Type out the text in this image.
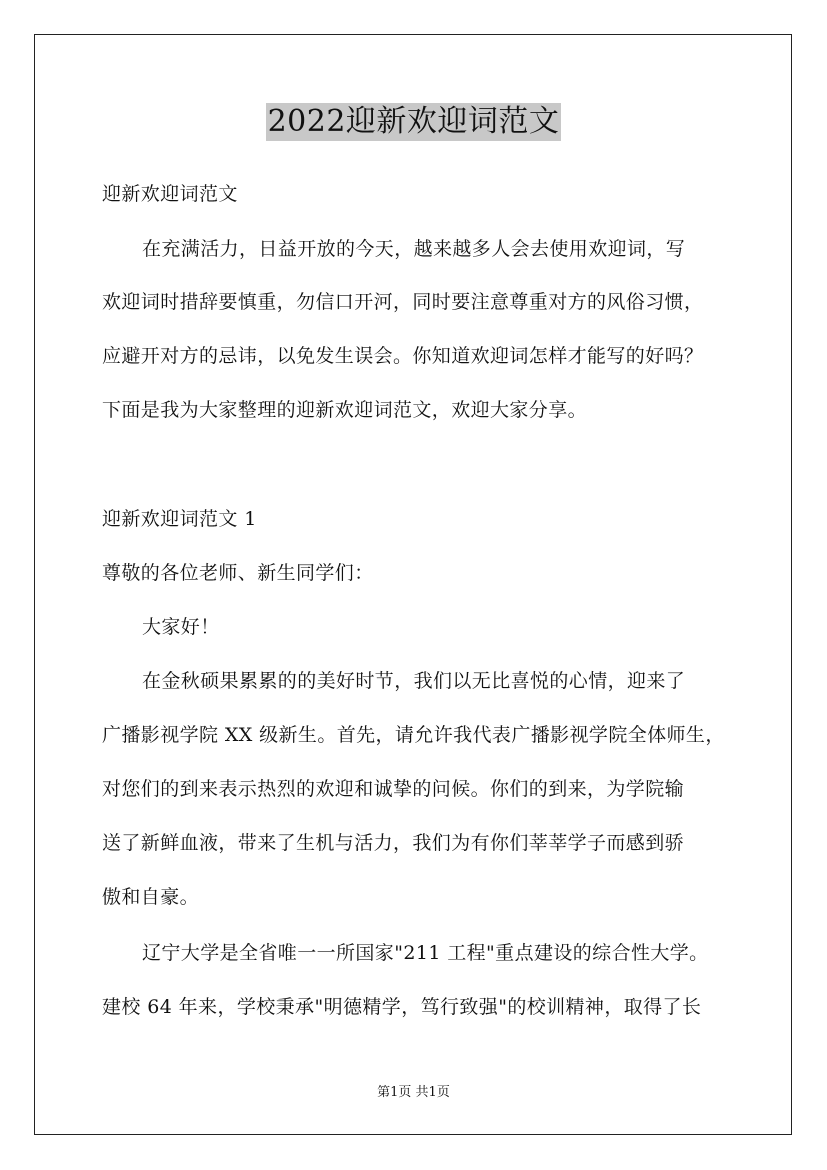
2022迎新欢迎词范文
迎新欢迎词范文
在充满活力，日益开放的今天，越来越多人会去使用欢迎词，写
欢迎词时措辞要慎重，勿信口开河，同时要注意尊重对方的风俗习惯，
应避开对方的忌讳，以免发生误会。你知道欢迎词怎样才能写的好吗？
下面是我为大家整理的迎新欢迎词范文，欢迎大家分享。
迎新欢迎词范文 1
尊敬的各位老师、新生同学们：
大家好！
在金秋硕果累累的的美好时节，我们以无比喜悦的心情，迎来了
广播影视学院 XX 级新生。首先，请允许我代表广播影视学院全体师生，
对您们的到来表示热烈的欢迎和诚挚的问候。你们的到来，为学院输
送了新鲜血液，带来了生机与活力，我们为有你们莘莘学子而感到骄
傲和自豪。
辽宁大学是全省唯一一所国家"211 工程"重点建设的综合性大学。
建校 64 年来，学校秉承"明德精学，笃行致强"的校训精神，取得了长
第1页 共1页
